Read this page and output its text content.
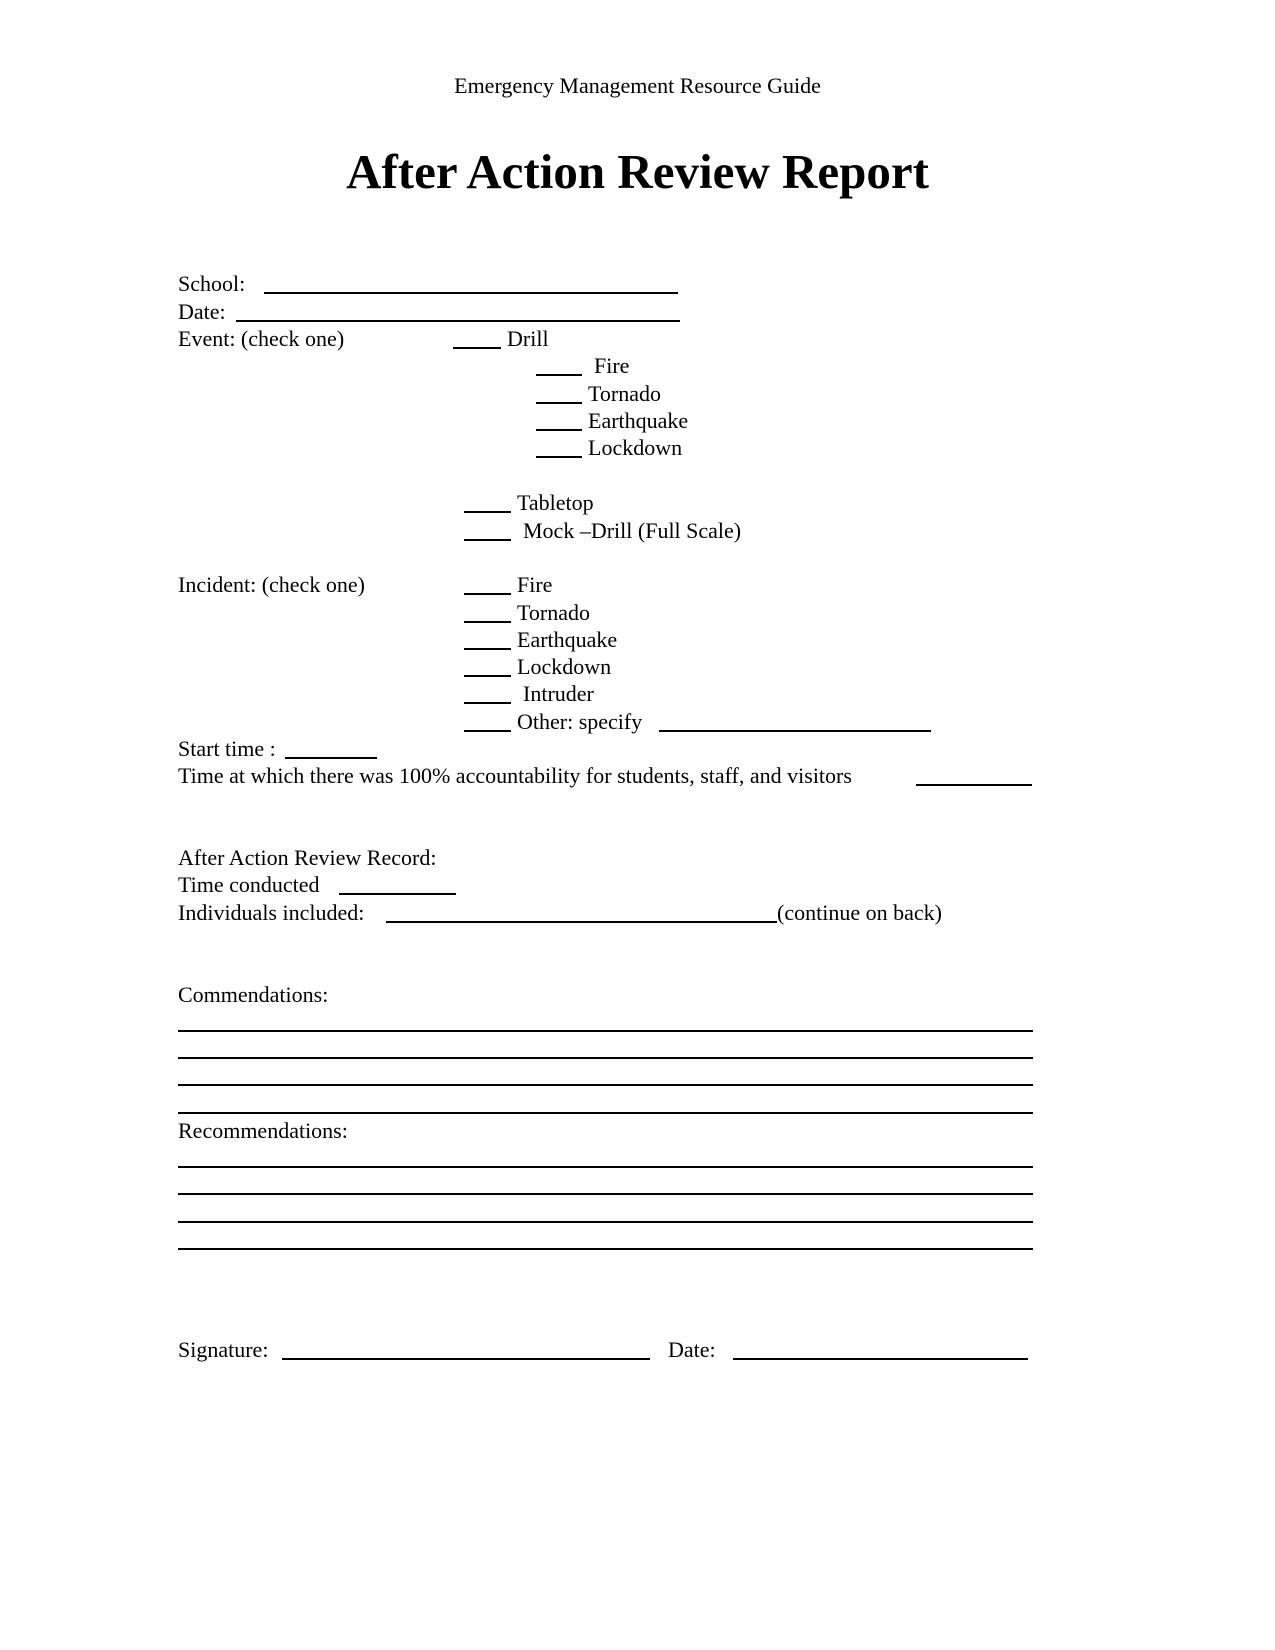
Emergency Management Resource Guide
After Action Review Report
School:
Date:
Event: (check one)	Drill
Fire
Tornado
Earthquake
Lockdown
Tabletop
Mock –Drill (Full Scale)
Incident: (check one)	Fire
Tornado
Earthquake
Lockdown
Intruder
Other: specify
Start time :
Time at which there was 100% accountability for students, staff, and visitors
After Action Review Record:
Time conducted
Individuals included:	(continue on back)
Commendations:
Recommendations:
Signature:	Date:
